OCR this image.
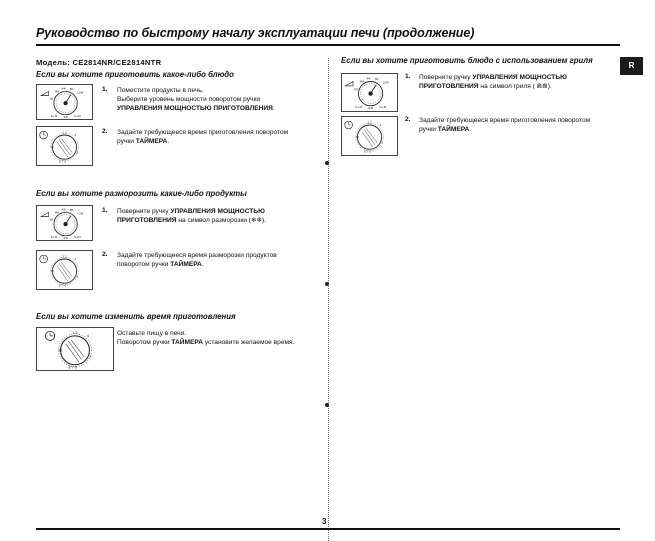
Руководство по быстрому началу эксплуатации печи (продолжение)
R
Модель: CE2814NR/CE2814NTR
Если вы хотите приготовить какое-либо блюдо
1. Поместите продукты в печь.
Выберите уровень мощности поворотом ручки
УПРАВЛЕНИЯ МОЩНОСТЬЮ ПРИГОТОВЛЕНИЯ.
2. Задайте требующееся время приготовления поворотом
ручки ТАЙМЕРА.
Если вы хотите разморозить какие-либо продукты
1. Поверните ручку УПРАВЛЕНИЯ МОЩНОСТЬЮ
ПРИГОТОВЛЕНИЯ на символ разморозки (❄❄).
2. Задайте требующееся время разморозки продуктов
поворотом ручки ТАЙМЕРА.
Если вы хотите изменить время приготовления
Оставьте пищу в печи.
Поворотом ручки ТАЙМЕРА установите желаемое время.
Если вы хотите приготовить блюдо с использованием гриля
1. Поверните ручку УПРАВЛЕНИЯ МОЩНОСТЬЮ
ПРИГОТОВЛЕНИЯ на символ гриля ( ⋒⋒).
2. Задайте требующееся время приготовления поворотом
ручки ТАЙМЕРА.
3
